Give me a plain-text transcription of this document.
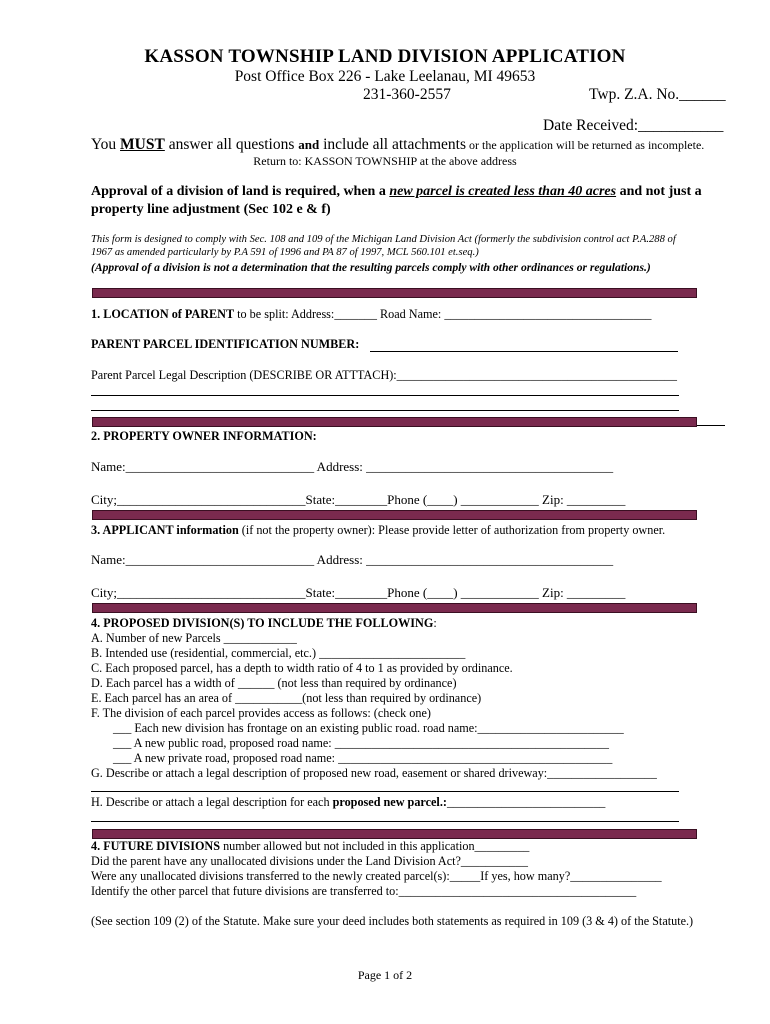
KASSON TOWNSHIP LAND DIVISION APPLICATION
Post Office Box 226 - Lake Leelanau, MI 49653
231-360-2557	Twp. Z.A. No.______
Date Received:___________
You MUST answer all questions and include all attachments or the application will be returned as incomplete.
Return to: KASSON TOWNSHIP at the above address
Approval of a division of land is required, when a new parcel is created less than 40 acres and not just a
property line adjustment (Sec 102 e & f)
This form is designed to comply with Sec. 108 and 109 of the Michigan Land Division Act (formerly the subdivision control act P.A.288 of
1967 as amended particularly by P.A 591 of 1996 and PA 87 of 1997, MCL 560.101 et.seq.)
(Approval of a division is not a determination that the resulting parcels comply with other ordinances or regulations.)
1. LOCATION of PARENT to be split: Address:_______ Road Name: __________________________________
PARENT PARCEL IDENTIFICATION NUMBER:
Parent Parcel Legal Description (DESCRIBE OR ATTTACH):______________________________________________
2. PROPERTY OWNER INFORMATION:
Name:_____________________________ Address: ______________________________________
City;_____________________________State:________Phone (____) ____________ Zip: _________
3. APPLICANT information (if not the property owner): Please provide letter of authorization from property owner.
Name:_____________________________ Address: ______________________________________
City;_____________________________State:________Phone (____) ____________ Zip: _________
4. PROPOSED DIVISION(S) TO INCLUDE THE FOLLOWING:
A. Number of new Parcels ____________
B. Intended use (residential, commercial, etc.) ________________________
C. Each proposed parcel, has a depth to width ratio of 4 to 1 as provided by ordinance.
D. Each parcel has a width of ______ (not less than required by ordinance)
E. Each parcel has an area of ___________(not less than required by ordinance)
F. The division of each parcel provides access as follows: (check one)
___ Each new division has frontage on an existing public road. road name:________________________
___ A new public road, proposed road name: _____________________________________________
___ A new private road, proposed road name: _____________________________________________
G. Describe or attach a legal description of proposed new road, easement or shared driveway:__________________
H. Describe or attach a legal description for each proposed new parcel.:__________________________
4. FUTURE DIVISIONS number allowed but not included in this application_________
Did the parent have any unallocated divisions under the Land Division Act?___________
Were any unallocated divisions transferred to the newly created parcel(s):_____If yes, how many?_______________
Identify the other parcel that future divisions are transferred to:_______________________________________
(See section 109 (2) of the Statute. Make sure your deed includes both statements as required in 109 (3 & 4) of the Statute.)
Page 1 of 2
